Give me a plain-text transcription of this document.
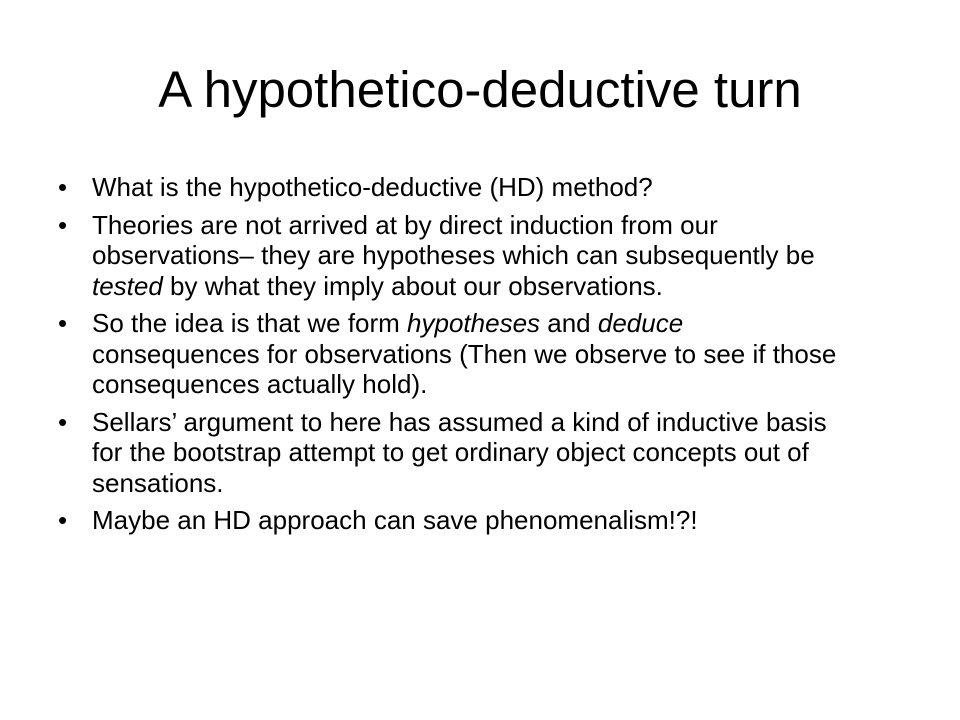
A hypothetico-deductive turn
• What is the hypothetico-deductive (HD) method?
• Theories are not arrived at by direct induction from our observations– they are hypotheses which can subsequently be tested by what they imply about our observations.
• So the idea is that we form hypotheses and deduce consequences for observations (Then we observe to see if those consequences actually hold).
• Sellars’ argument to here has assumed a kind of inductive basis for the bootstrap attempt to get ordinary object concepts out of sensations.
• Maybe an HD approach can save phenomenalism!?!
